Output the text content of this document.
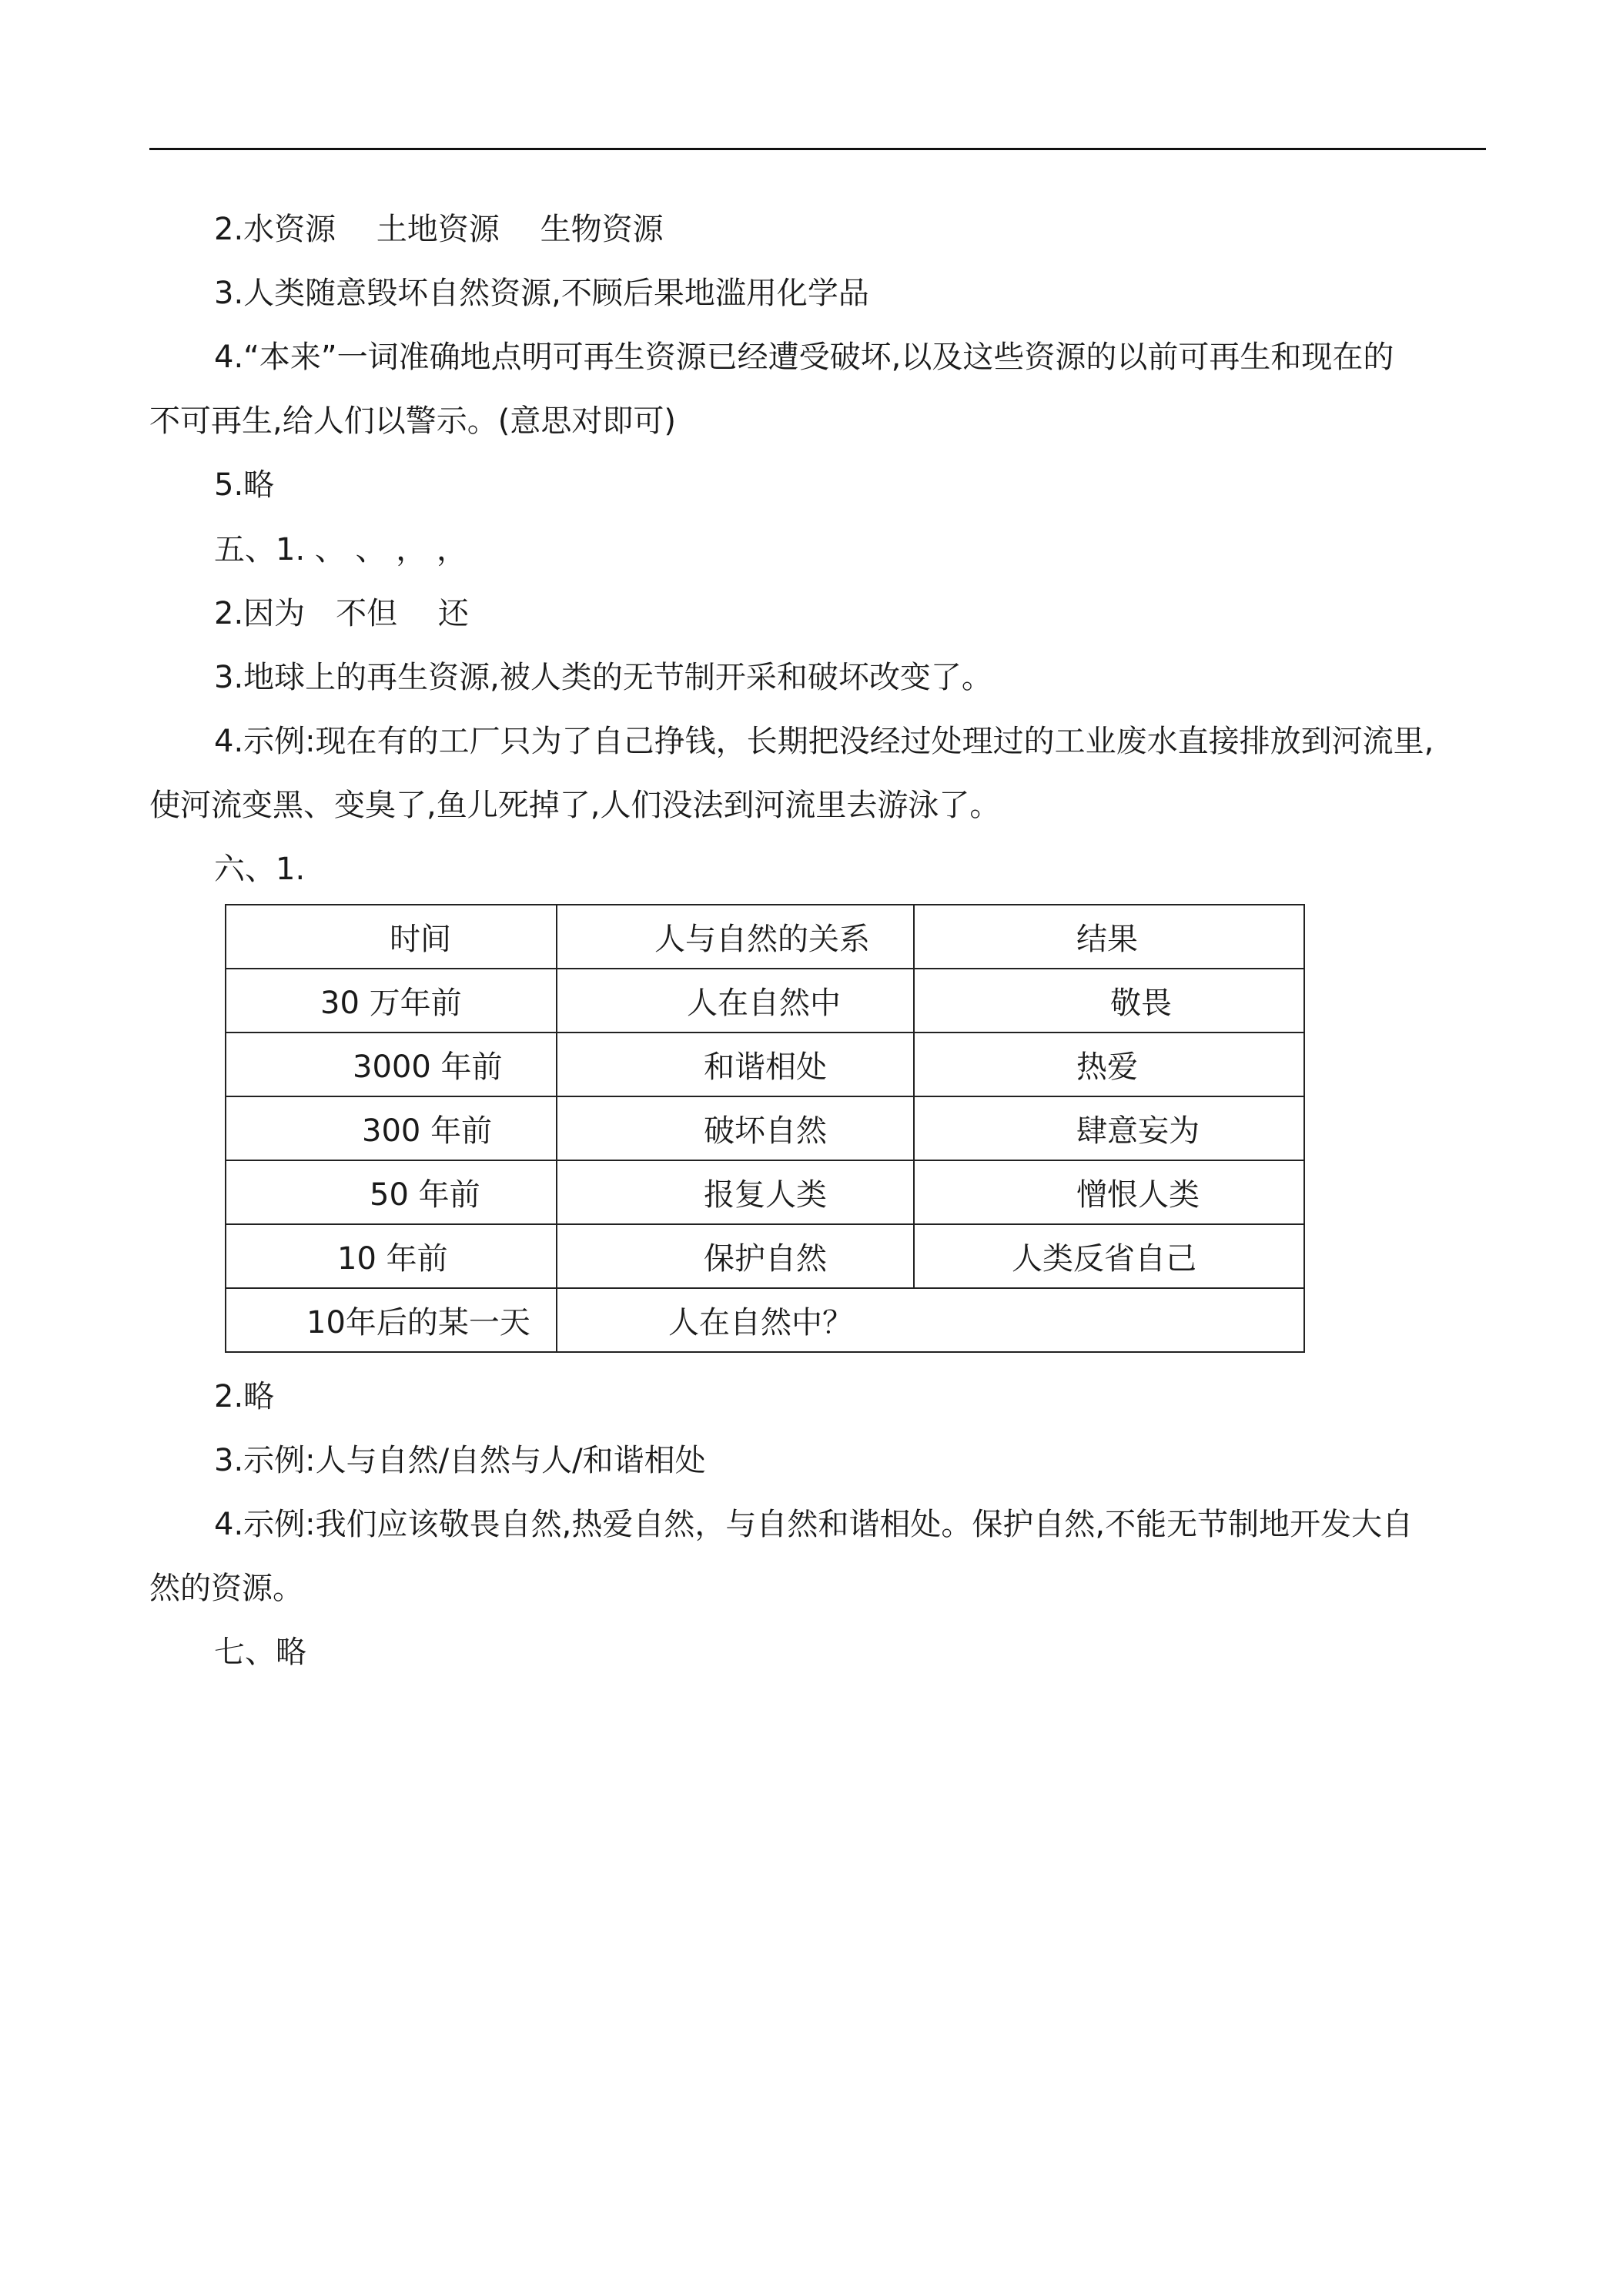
2.水资源　 土地资源　 生物资源
3.人类随意毁坏自然资源,不顾后果地滥用化学品
4.“本来”一词准确地点明可再生资源已经遭受破坏,以及这些资源的以前可再生和现在的
不可再生,给人们以警示。(意思对即可)
5.略
五、1. 、 、 ， ，
2.因为　不但　 还
3.地球上的再生资源,被人类的无节制开采和破坏改变了。
4.示例:现在有的工厂只为了自己挣钱，长期把没经过处理过的工业废水直接排放到河流里,
使河流变黑、变臭了,鱼儿死掉了,人们没法到河流里去游泳了。
六、1.
时间	人与自然的关系	结果
30 万年前	人在自然中	敬畏
3000 年前	和谐相处	热爱
300 年前	破坏自然	肆意妄为
50 年前	报复人类	憎恨人类
10 年前	保护自然	人类反省自己
10年后的某一天	人在自然中？	
2.略
3.示例:人与自然/自然与人/和谐相处
4.示例:我们应该敬畏自然,热爱自然，与自然和谐相处。保护自然,不能无节制地开发大自
然的资源。
七、略
